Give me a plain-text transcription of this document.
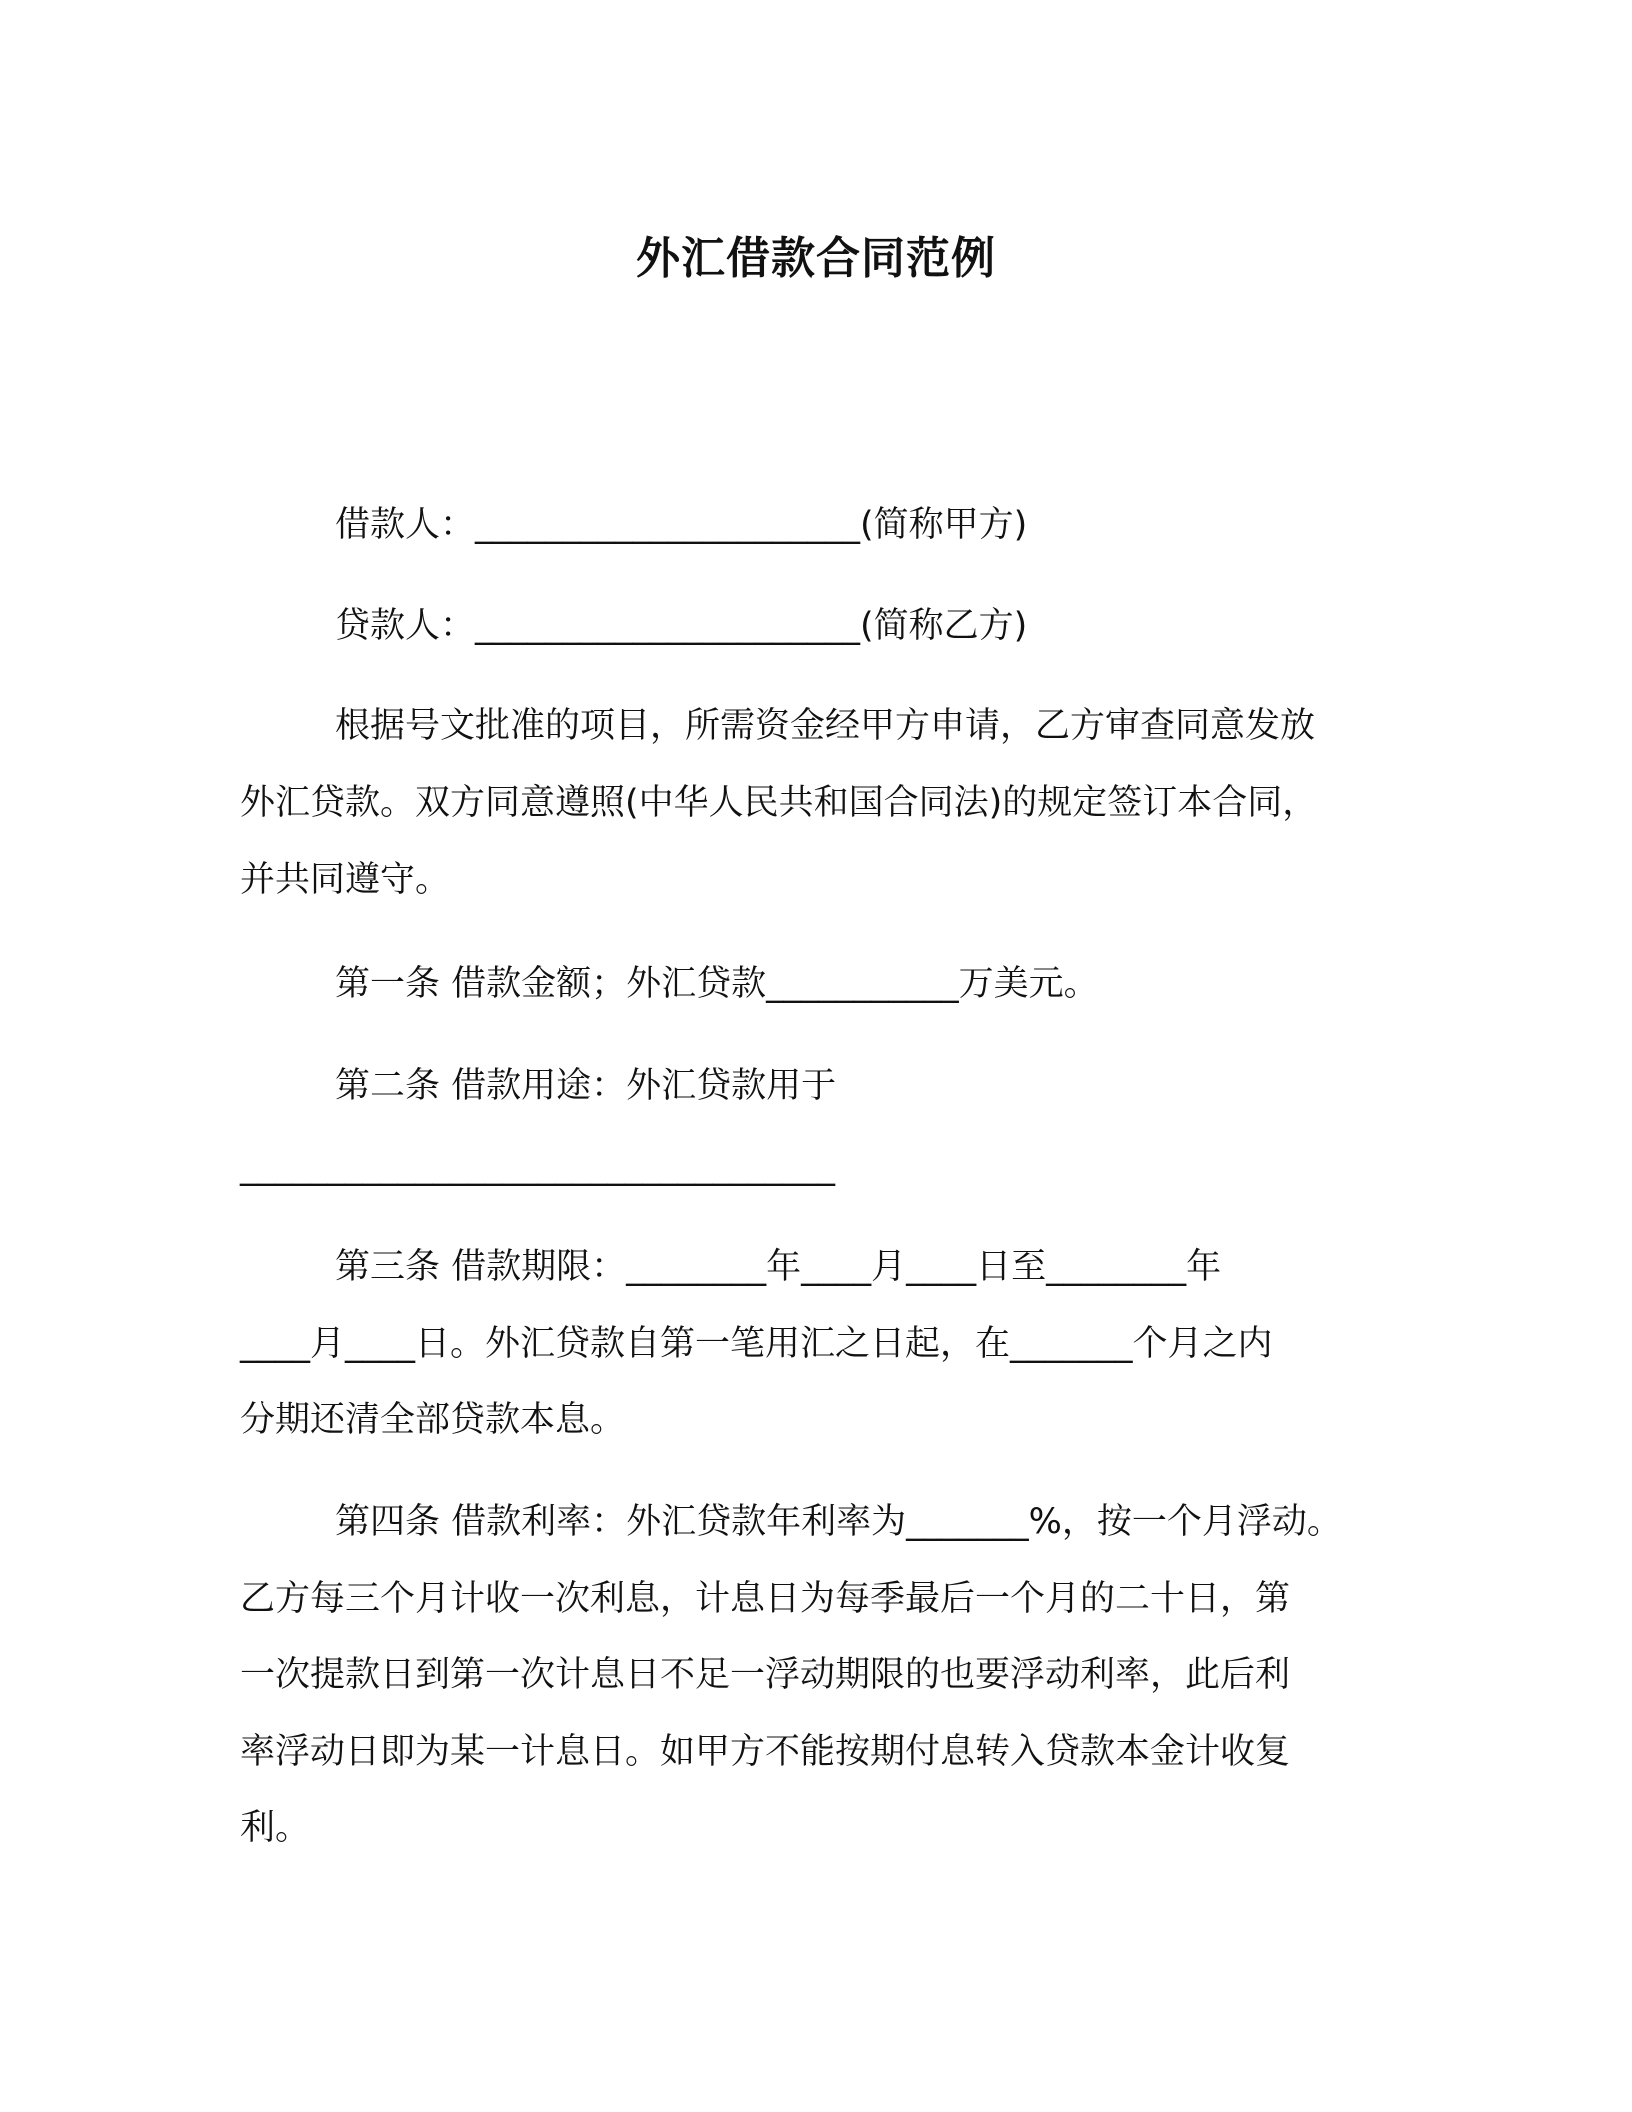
外汇借款合同范例
借款人：______________________(简称甲方)
贷款人：______________________(简称乙方)
根据号文批准的项目，所需资金经甲方申请，乙方审查同意发放
外汇贷款。双方同意遵照(中华人民共和国合同法)的规定签订本合同，
并共同遵守。
第一条 借款金额；外汇贷款___________万美元。
第二条 借款用途：外汇贷款用于
__________________________________
第三条 借款期限：________年____月____日至________年
____月____日。外汇贷款自第一笔用汇之日起，在_______个月之内
分期还清全部贷款本息。
第四条 借款利率：外汇贷款年利率为_______%，按一个月浮动。
乙方每三个月计收一次利息，计息日为每季最后一个月的二十日，第
一次提款日到第一次计息日不足一浮动期限的也要浮动利率，此后利
率浮动日即为某一计息日。如甲方不能按期付息转入贷款本金计收复
利。
